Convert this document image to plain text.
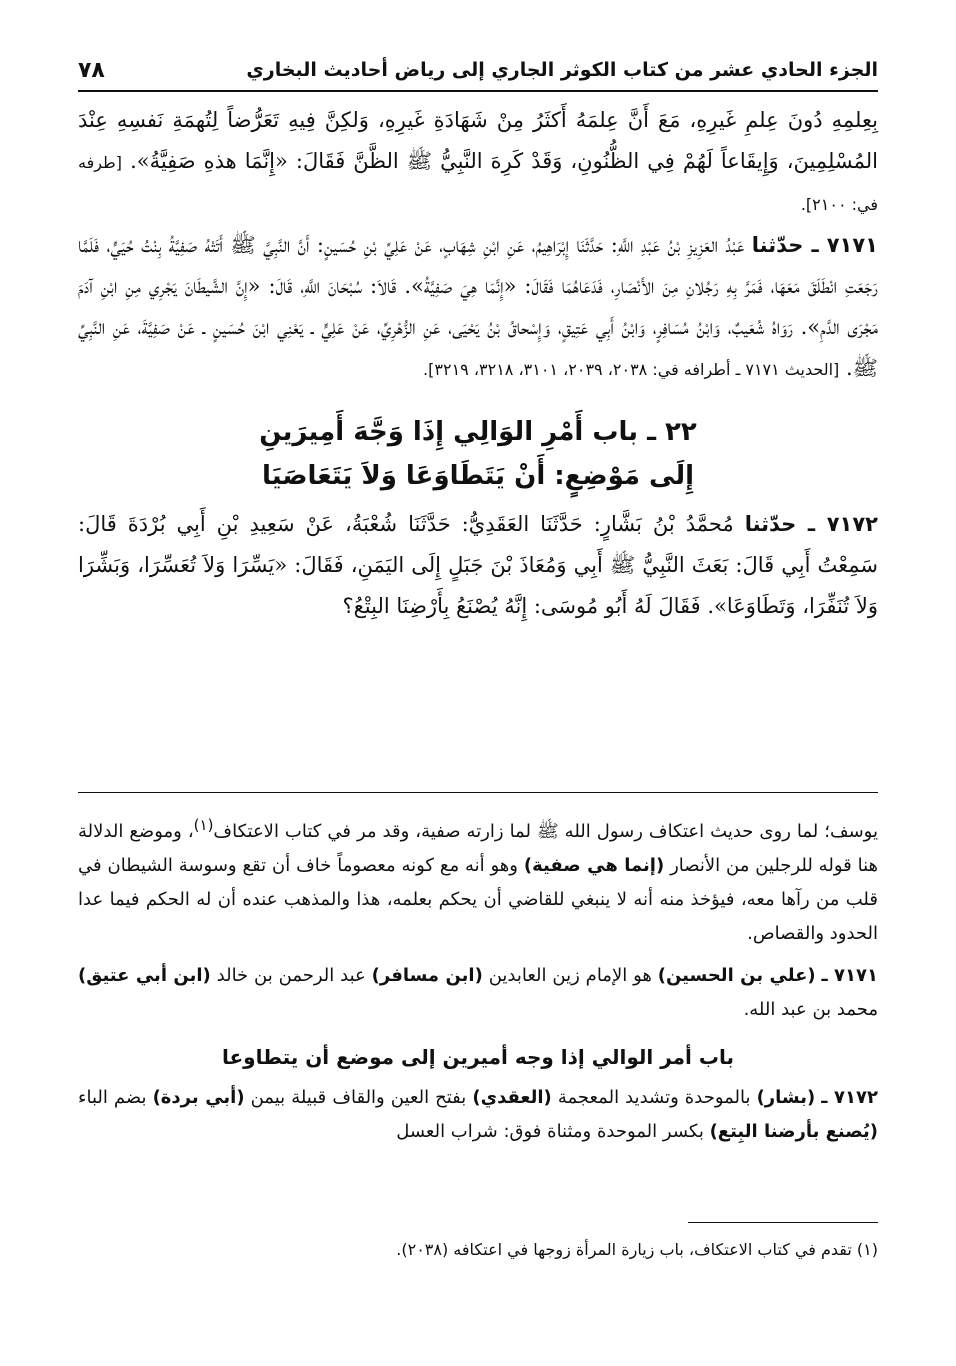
الجزء الحادي عشر من كتاب الكوثر الجاري إلى رياض أحاديث البخاري
٧٨

بِعِلمِهِ دُونَ عِلمِ غَيرِهِ، مَعَ أَنَّ عِلمَهُ أَكثَرُ مِنْ شَهَادَةِ غَيرِهِ، وَلكِنَّ فِيهِ تَعَرُّضاً لِتُهمَةِ نَفسِهِ عِنْدَ المُسْلِمِينَ، وَإِيقَاعاً لَهُمْ فِي الظُّنُونِ، وَقَدْ كَرِهَ النَّبِيُّ ﷺ الظَّنَّ فَقَالَ: «إِنَّمَا هذهِ صَفِيَّةُ». [طرفه في: ٢١٠٠].

٧١٧١ ـ حدّثنا عَبْدُ العَزِيزِ بْنُ عَبْدِ اللَّهِ: حَدَّثَنَا إِبْرَاهِيمُ، عَنِ ابْنِ شِهَابٍ، عَنْ عَلِيِّ بْنِ حُسَينٍ: أَنَّ النَّبِيَّ ﷺ أَتَتْهُ صَفِيَّةُ بِنْتُ حُيَيٍّ، فَلَمَّا رَجَعَتِ انْطَلَقَ مَعَهَا، فَمَرَّ بِهِ رَجُلانِ مِنَ الأَنْصَارِ، فَدَعَاهُمَا فَقَالَ: «إِنَّمَا هِيَ صَفِيَّةُ». قَالاَ: سُبْحَانَ اللَّهِ، قَالَ: «إِنَّ الشَّيطَانَ يَجْرِي مِنِ ابْنِ آدَمَ مَجْرَى الدَّمِ». رَوَاهُ شُعَيبٌ، وَابْنُ مُسَافِرٍ، وَابْنُ أَبِي عَتِيقٍ، وَإِسْحاقُ بْنُ يَحْيَى، عَنِ الزُّهْرِيِّ، عَنْ عَلِيٍّ ـ يَعْنِي ابْنَ حُسَينٍ ـ عَنْ صَفِيَّةَ، عَنِ النَّبِيِّ ﷺ. [الحديث ٧١٧١ ـ أطرافه في: ٢٠٣٨، ٢٠٣٩، ٣١٠١، ٣٢١٨، ٣٢١٩].

٢٢ ـ باب أَمْرِ الوَالِي إِذَا وَجَّهَ أَمِيرَينِ
إِلَى مَوْضِعٍ: أَنْ يَتَطَاوَعَا وَلاَ يَتَعَاصَيَا

٧١٧٢ ـ حدّثنا مُحمَّدُ بْنُ بَشَّارٍ: حَدَّثَنَا العَقَدِيُّ: حَدَّثَنَا شُعْبَةُ، عَنْ سَعِيدِ بْنِ أَبِي بُرْدَةَ قَالَ: سَمِعْتُ أَبِي قَالَ: بَعَثَ النَّبِيُّ ﷺ أَبِي وَمُعَاذَ بْنَ جَبَلٍ إِلَى اليَمَنِ، فَقَالَ: «يَسِّرَا وَلاَ تُعَسِّرَا، وَبَشِّرَا وَلاَ تُنَفِّرَا، وَتَطَاوَعَا». فَقَالَ لَهُ أَبُو مُوسَى: إِنَّهُ يُصْنَعُ بِأَرْضِنَا البِتْعُ؟

يوسف؛ لما روى حديث اعتكاف رسول الله ﷺ لما زارته صفية، وقد مر في كتاب الاعتكاف$^{(١)}$، وموضع الدلالة هنا قوله للرجلين من الأنصار (إنما هي صفية) وهو أنه مع كونه معصوماً خاف أن تقع وسوسة الشيطان في قلب من رآها معه، فيؤخذ منه أنه لا ينبغي للقاضي أن يحكم بعلمه، هذا والمذهب عنده أن له الحكم فيما عدا الحدود والقصاص.

٧١٧١ ـ (علي بن الحسين) هو الإمام زين العابدين (ابن مسافر) عبد الرحمن بن خالد (ابن أبي عتيق) محمد بن عبد الله.

باب أمر الوالي إذا وجه أميرين إلى موضع أن يتطاوعا

٧١٧٢ ـ (بشار) بالموحدة وتشديد المعجمة (العقدي) بفتح العين والقاف قبيلة بيمن (أبي بردة) بضم الباء (يُصنع بأرضنا البِتع) بكسر الموحدة ومثناة فوق: شراب العسل

(١) تقدم في كتاب الاعتكاف، باب زيارة المرأة زوجها في اعتكافه (٢٠٣٨).
